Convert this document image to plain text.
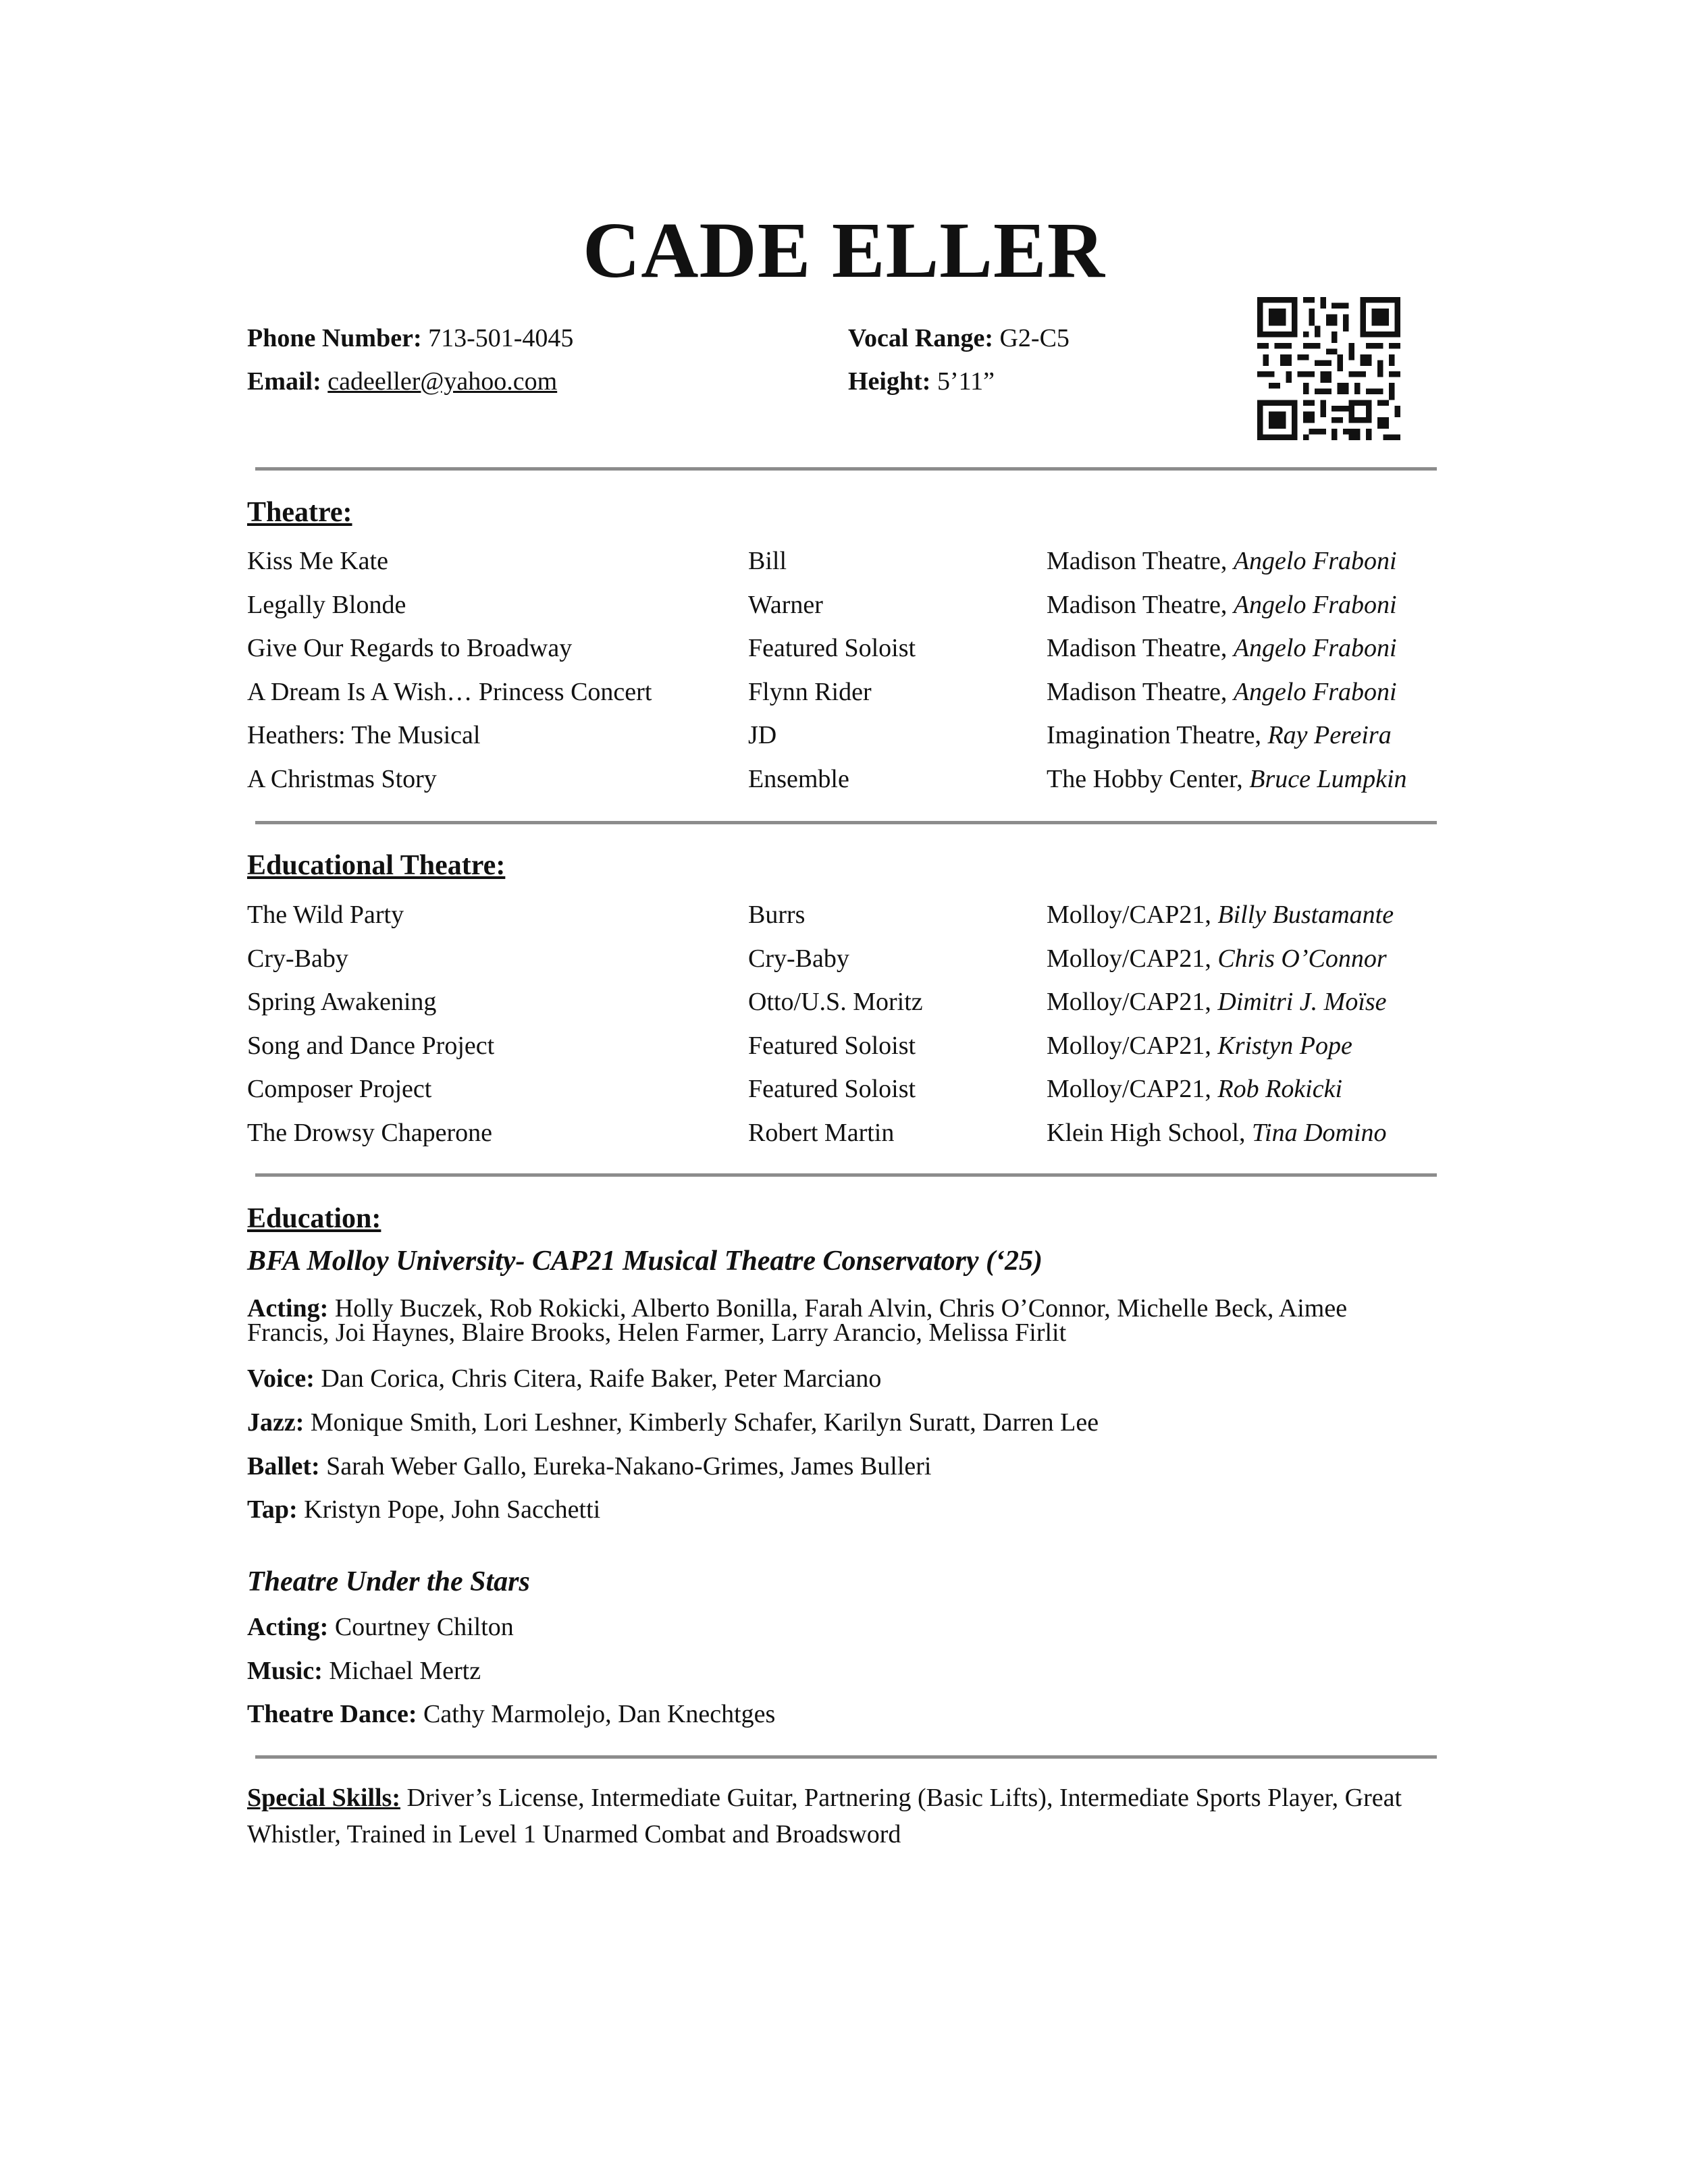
CADE ELLER
Phone Number: 713-501-4045
Email: cadeeller@yahoo.com
Vocal Range: G2-C5
Height: 5’11”
Theatre:
Kiss Me Kate	Bill	Madison Theatre, Angelo Fraboni
Legally Blonde	Warner	Madison Theatre, Angelo Fraboni
Give Our Regards to Broadway	Featured Soloist	Madison Theatre, Angelo Fraboni
A Dream Is A Wish… Princess Concert	Flynn Rider	Madison Theatre, Angelo Fraboni
Heathers: The Musical	JD	Imagination Theatre, Ray Pereira
A Christmas Story	Ensemble	The Hobby Center, Bruce Lumpkin
Educational Theatre:
The Wild Party	Burrs	Molloy/CAP21, Billy Bustamante
Cry-Baby	Cry-Baby	Molloy/CAP21, Chris O’Connor
Spring Awakening	Otto/U.S. Moritz	Molloy/CAP21, Dimitri J. Moïse
Song and Dance Project	Featured Soloist	Molloy/CAP21, Kristyn Pope
Composer Project	Featured Soloist	Molloy/CAP21, Rob Rokicki
The Drowsy Chaperone	Robert Martin	Klein High School, Tina Domino
Education:
BFA Molloy University- CAP21 Musical Theatre Conservatory (‘25)
Acting: Holly Buczek, Rob Rokicki, Alberto Bonilla, Farah Alvin, Chris O’Connor, Michelle Beck, Aimee
Francis, Joi Haynes, Blaire Brooks, Helen Farmer, Larry Arancio, Melissa Firlit
Voice: Dan Corica, Chris Citera, Raife Baker, Peter Marciano
Jazz: Monique Smith, Lori Leshner, Kimberly Schafer, Karilyn Suratt, Darren Lee
Ballet: Sarah Weber Gallo, Eureka-Nakano-Grimes, James Bulleri
Tap: Kristyn Pope, John Sacchetti
Theatre Under the Stars
Acting: Courtney Chilton
Music: Michael Mertz
Theatre Dance: Cathy Marmolejo, Dan Knechtges
Special Skills: Driver’s License, Intermediate Guitar, Partnering (Basic Lifts), Intermediate Sports Player, Great Whistler, Trained in Level 1 Unarmed Combat and Broadsword
